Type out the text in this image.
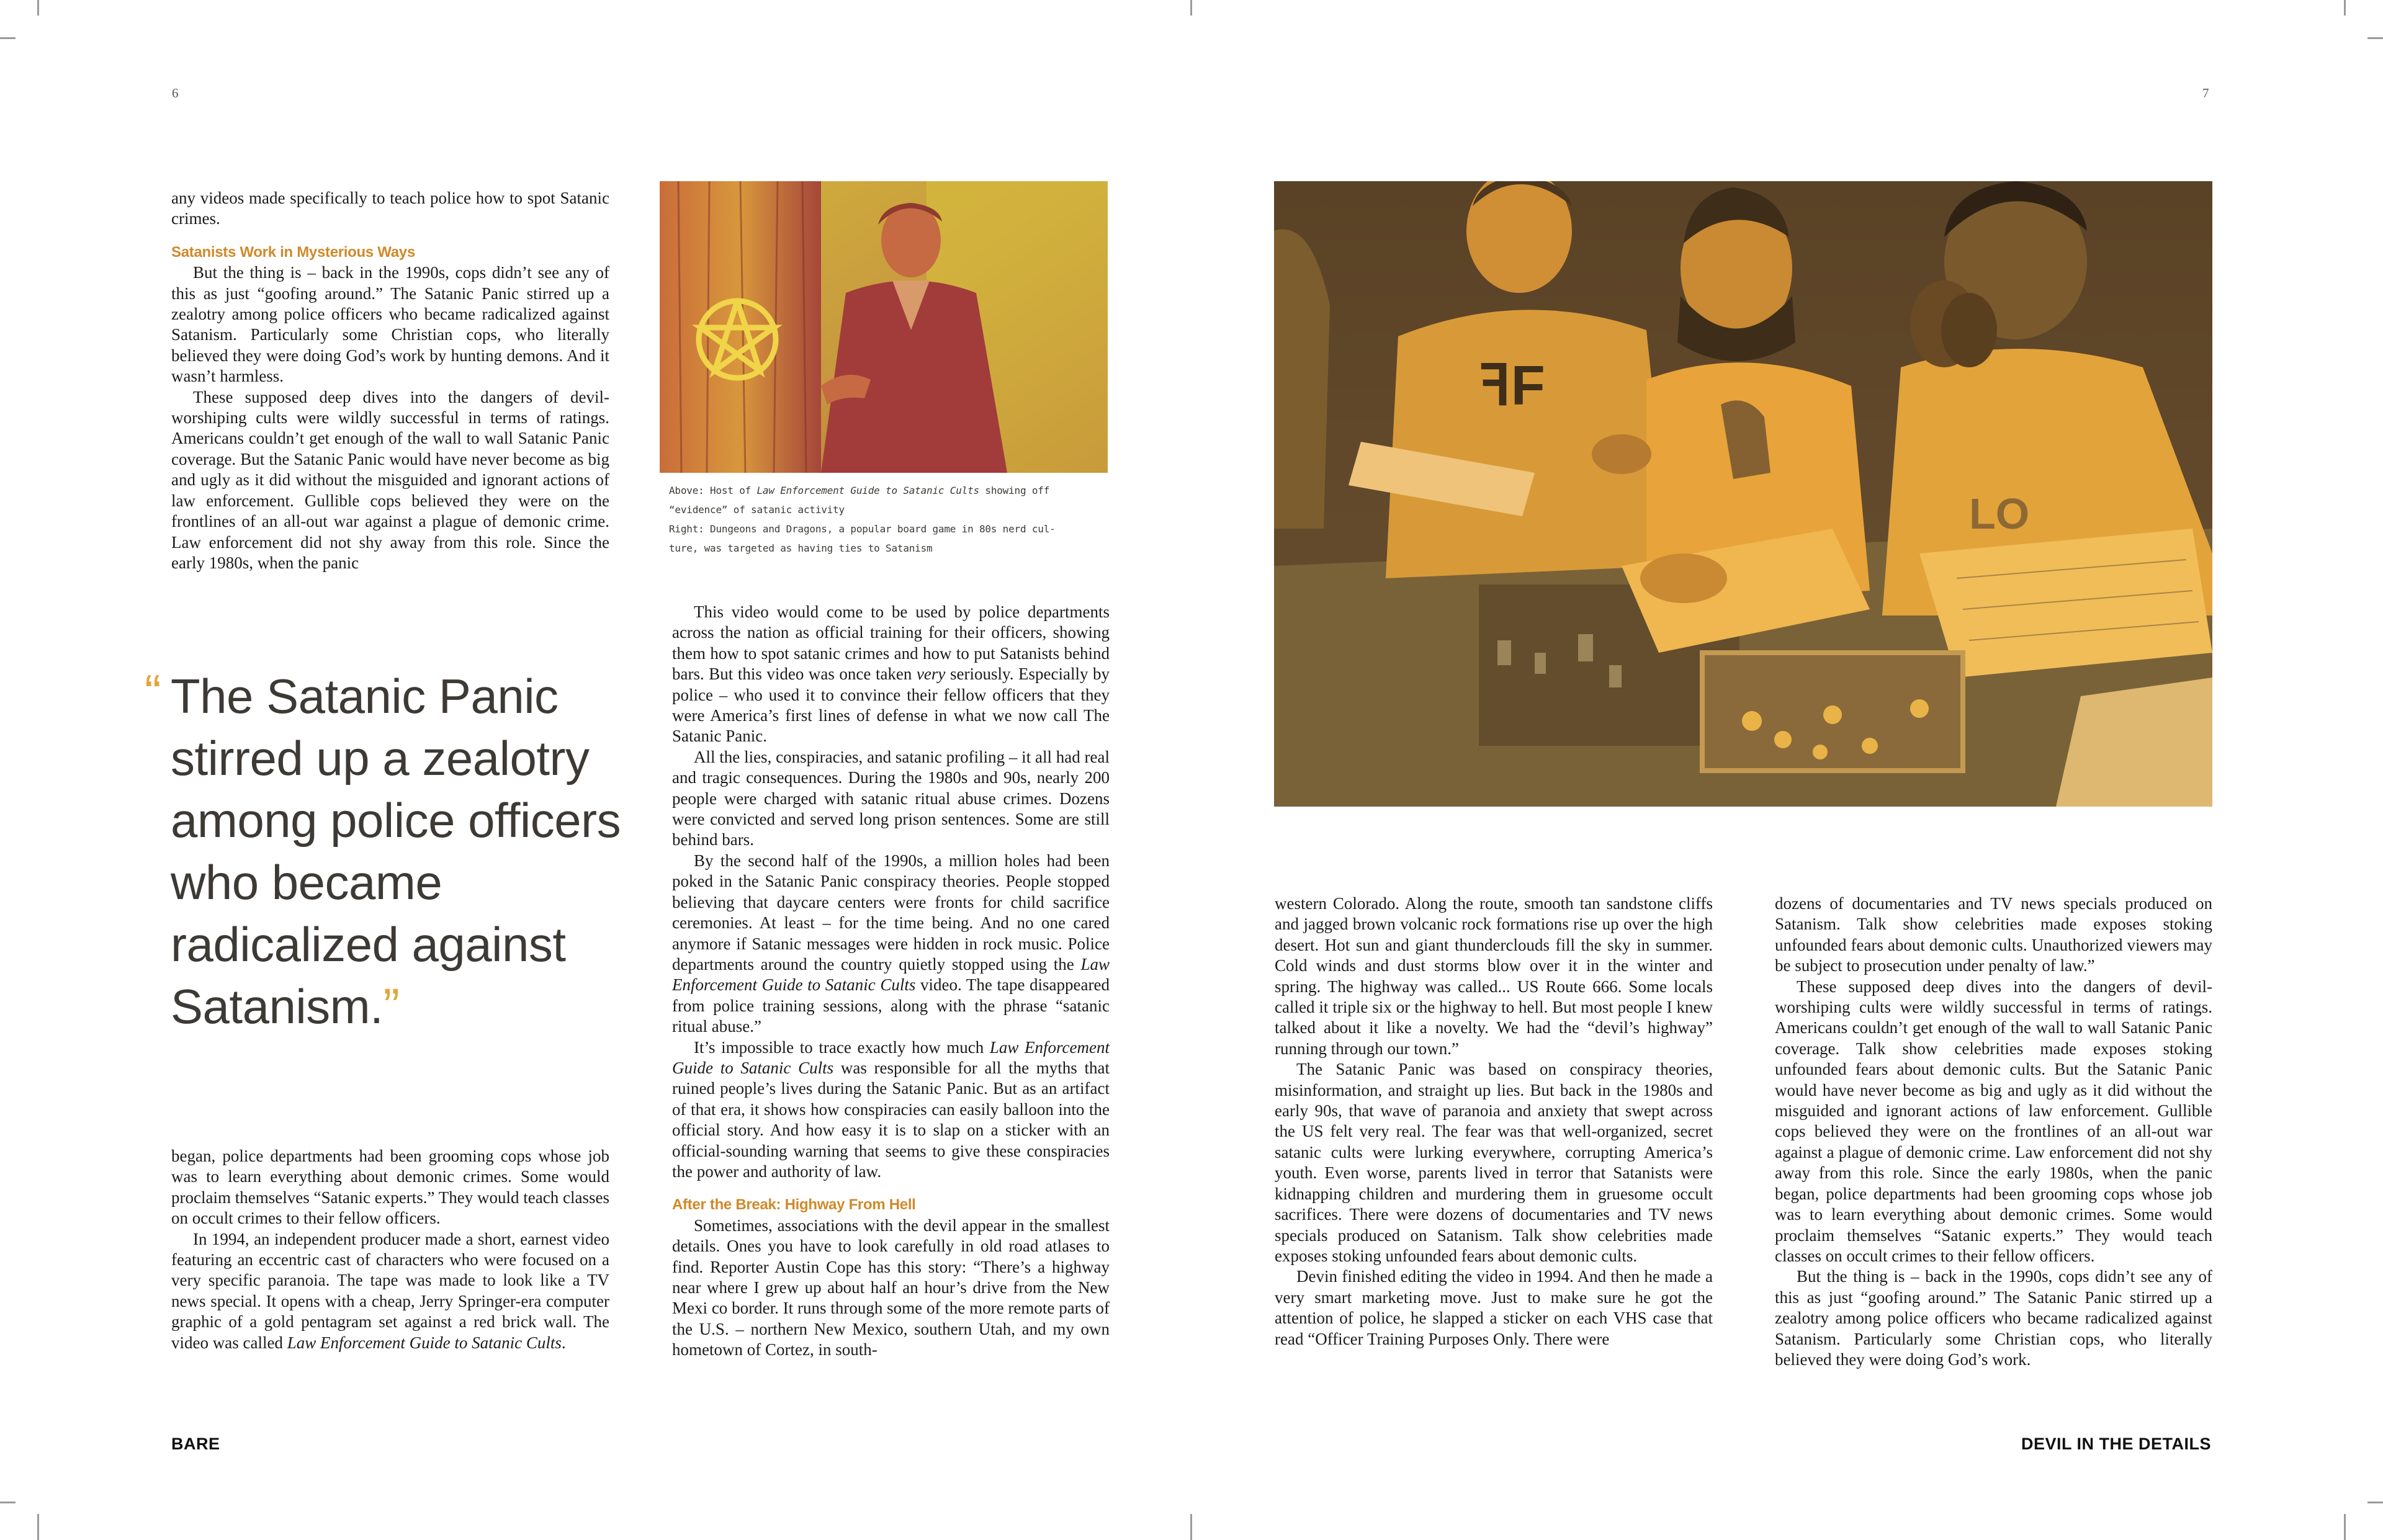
6	7

any videos made specifically to teach police how to spot Satanic crimes.

Satanists Work in Mysterious Ways

But the thing is – back in the 1990s, cops didn’t see any of this as just “goofing around.” The Satanic Panic stirred up a zealotry among police officers who became radicalized against Satanism. Particularly some Christian cops, who literally believed they were doing God’s work by hunting demons. And it wasn’t harmless.

These supposed deep dives into the dangers of devil-worshiping cults were wildly successful in terms of ratings. Americans couldn’t get enough of the wall to wall Satanic Panic coverage. But the Satanic Panic would have never become as big and ugly as it did without the misguided and ignorant actions of law enforcement. Gullible cops believed they were on the frontlines of an all-out war against a plague of demonic crime. Law enforcement did not shy away from this role. Since the early 1980s, when the panic

“ The Satanic Panic stirred up a zealotry among police officers who became radicalized against Satanism.”

began, police departments had been grooming cops whose job was to learn everything about demonic crimes. Some would proclaim themselves “Satanic experts.” They would teach classes on occult crimes to their fellow officers.

In 1994, an independent producer made a short, earnest video featuring an eccentric cast of characters who were focused on a very specific paranoia. The tape was made to look like a TV news special. It opens with a cheap, Jerry Springer-era computer graphic of a gold pentagram set against a red brick wall. The video was called Law Enforcement Guide to Satanic Cults.

Above: Host of Law Enforcement Guide to Satanic Cults showing off
“evidence” of satanic activity
Right: Dungeons and Dragons, a popular board game in 80s nerd cul-
ture, was targeted as having ties to Satanism

This video would come to be used by police departments across the nation as official training for their officers, showing them how to spot satanic crimes and how to put Satanists behind bars. But this video was once taken very seriously. Especially by police – who used it to convince their fellow officers that they were America’s first lines of defense in what we now call The Satanic Panic.

All the lies, conspiracies, and satanic profiling – it all had real and tragic consequences. During the 1980s and 90s, nearly 200 people were charged with satanic ritual abuse crimes. Dozens were convicted and served long prison sentences. Some are still behind bars.

By the second half of the 1990s, a million holes had been poked in the Satanic Panic conspiracy theories. People stopped believing that daycare centers were fronts for child sacrifice ceremonies. At least – for the time being. And no one cared anymore if Satanic messages were hidden in rock music. Police departments around the country quietly stopped using the Law Enforcement Guide to Satanic Cults video. The tape disappeared from police training sessions, along with the phrase “satanic ritual abuse.”

It’s impossible to trace exactly how much Law Enforcement Guide to Satanic Cults was responsible for all the myths that ruined people’s lives during the Satanic Panic. But as an artifact of that era, it shows how conspiracies can easily balloon into the official story. And how easy it is to slap on a sticker with an official-sounding warning that seems to give these conspiracies the power and authority of law.

After the Break: Highway From Hell

Sometimes, associations with the devil appear in the smallest details. Ones you have to look carefully in old road atlases to find. Reporter Austin Cope has this story: “There’s a highway near where I grew up about half an hour’s drive from the New Mexi co border. It runs through some of the more remote parts of the U.S. – northern New Mexico, southern Utah, and my own hometown of Cortez, in south-

ꟻF
LO

western Colorado. Along the route, smooth tan sandstone cliffs and jagged brown volcanic rock formations rise up over the high desert. Hot sun and giant thunderclouds fill the sky in summer. Cold winds and dust storms blow over it in the winter and spring. The highway was called... US Route 666. Some locals called it triple six or the highway to hell. But most people I knew talked about it like a novelty. We had the “devil’s highway” running through our town.”

The Satanic Panic was based on conspiracy theories, misinformation, and straight up lies. But back in the 1980s and early 90s, that wave of paranoia and anxiety that swept across the US felt very real. The fear was that well-organized, secret satanic cults were lurking everywhere, corrupting America’s youth. Even worse, parents lived in terror that Satanists were kidnapping children and murdering them in gruesome occult sacrifices. There were dozens of documentaries and TV news specials produced on Satanism. Talk show celebrities made exposes stoking unfounded fears about demonic cults.

Devin finished editing the video in 1994. And then he made a very smart marketing move. Just to make sure he got the attention of police, he slapped a sticker on each VHS case that read “Officer Training Purposes Only. There were

dozens of documentaries and TV news specials produced on Satanism. Talk show celebrities made exposes stoking unfounded fears about demonic cults. Unauthorized viewers may be subject to prosecution under penalty of law.”

These supposed deep dives into the dangers of devil-worshiping cults were wildly successful in terms of ratings. Americans couldn’t get enough of the wall to wall Satanic Panic coverage. Talk show celebrities made exposes stoking unfounded fears about demonic cults. But the Satanic Panic would have never become as big and ugly as it did without the misguided and ignorant actions of law enforcement. Gullible cops believed they were on the frontlines of an all-out war against a plague of demonic crime. Law enforcement did not shy away from this role. Since the early 1980s, when the panic began, police departments had been grooming cops whose job was to learn everything about demonic crimes. Some would proclaim themselves “Satanic experts.” They would teach classes on occult crimes to their fellow officers.

But the thing is – back in the 1990s, cops didn’t see any of this as just “goofing around.” The Satanic Panic stirred up a zealotry among police officers who became radicalized against Satanism. Particularly some Christian cops, who literally believed they were doing God’s work.

BARE	DEVIL IN THE DETAILS
